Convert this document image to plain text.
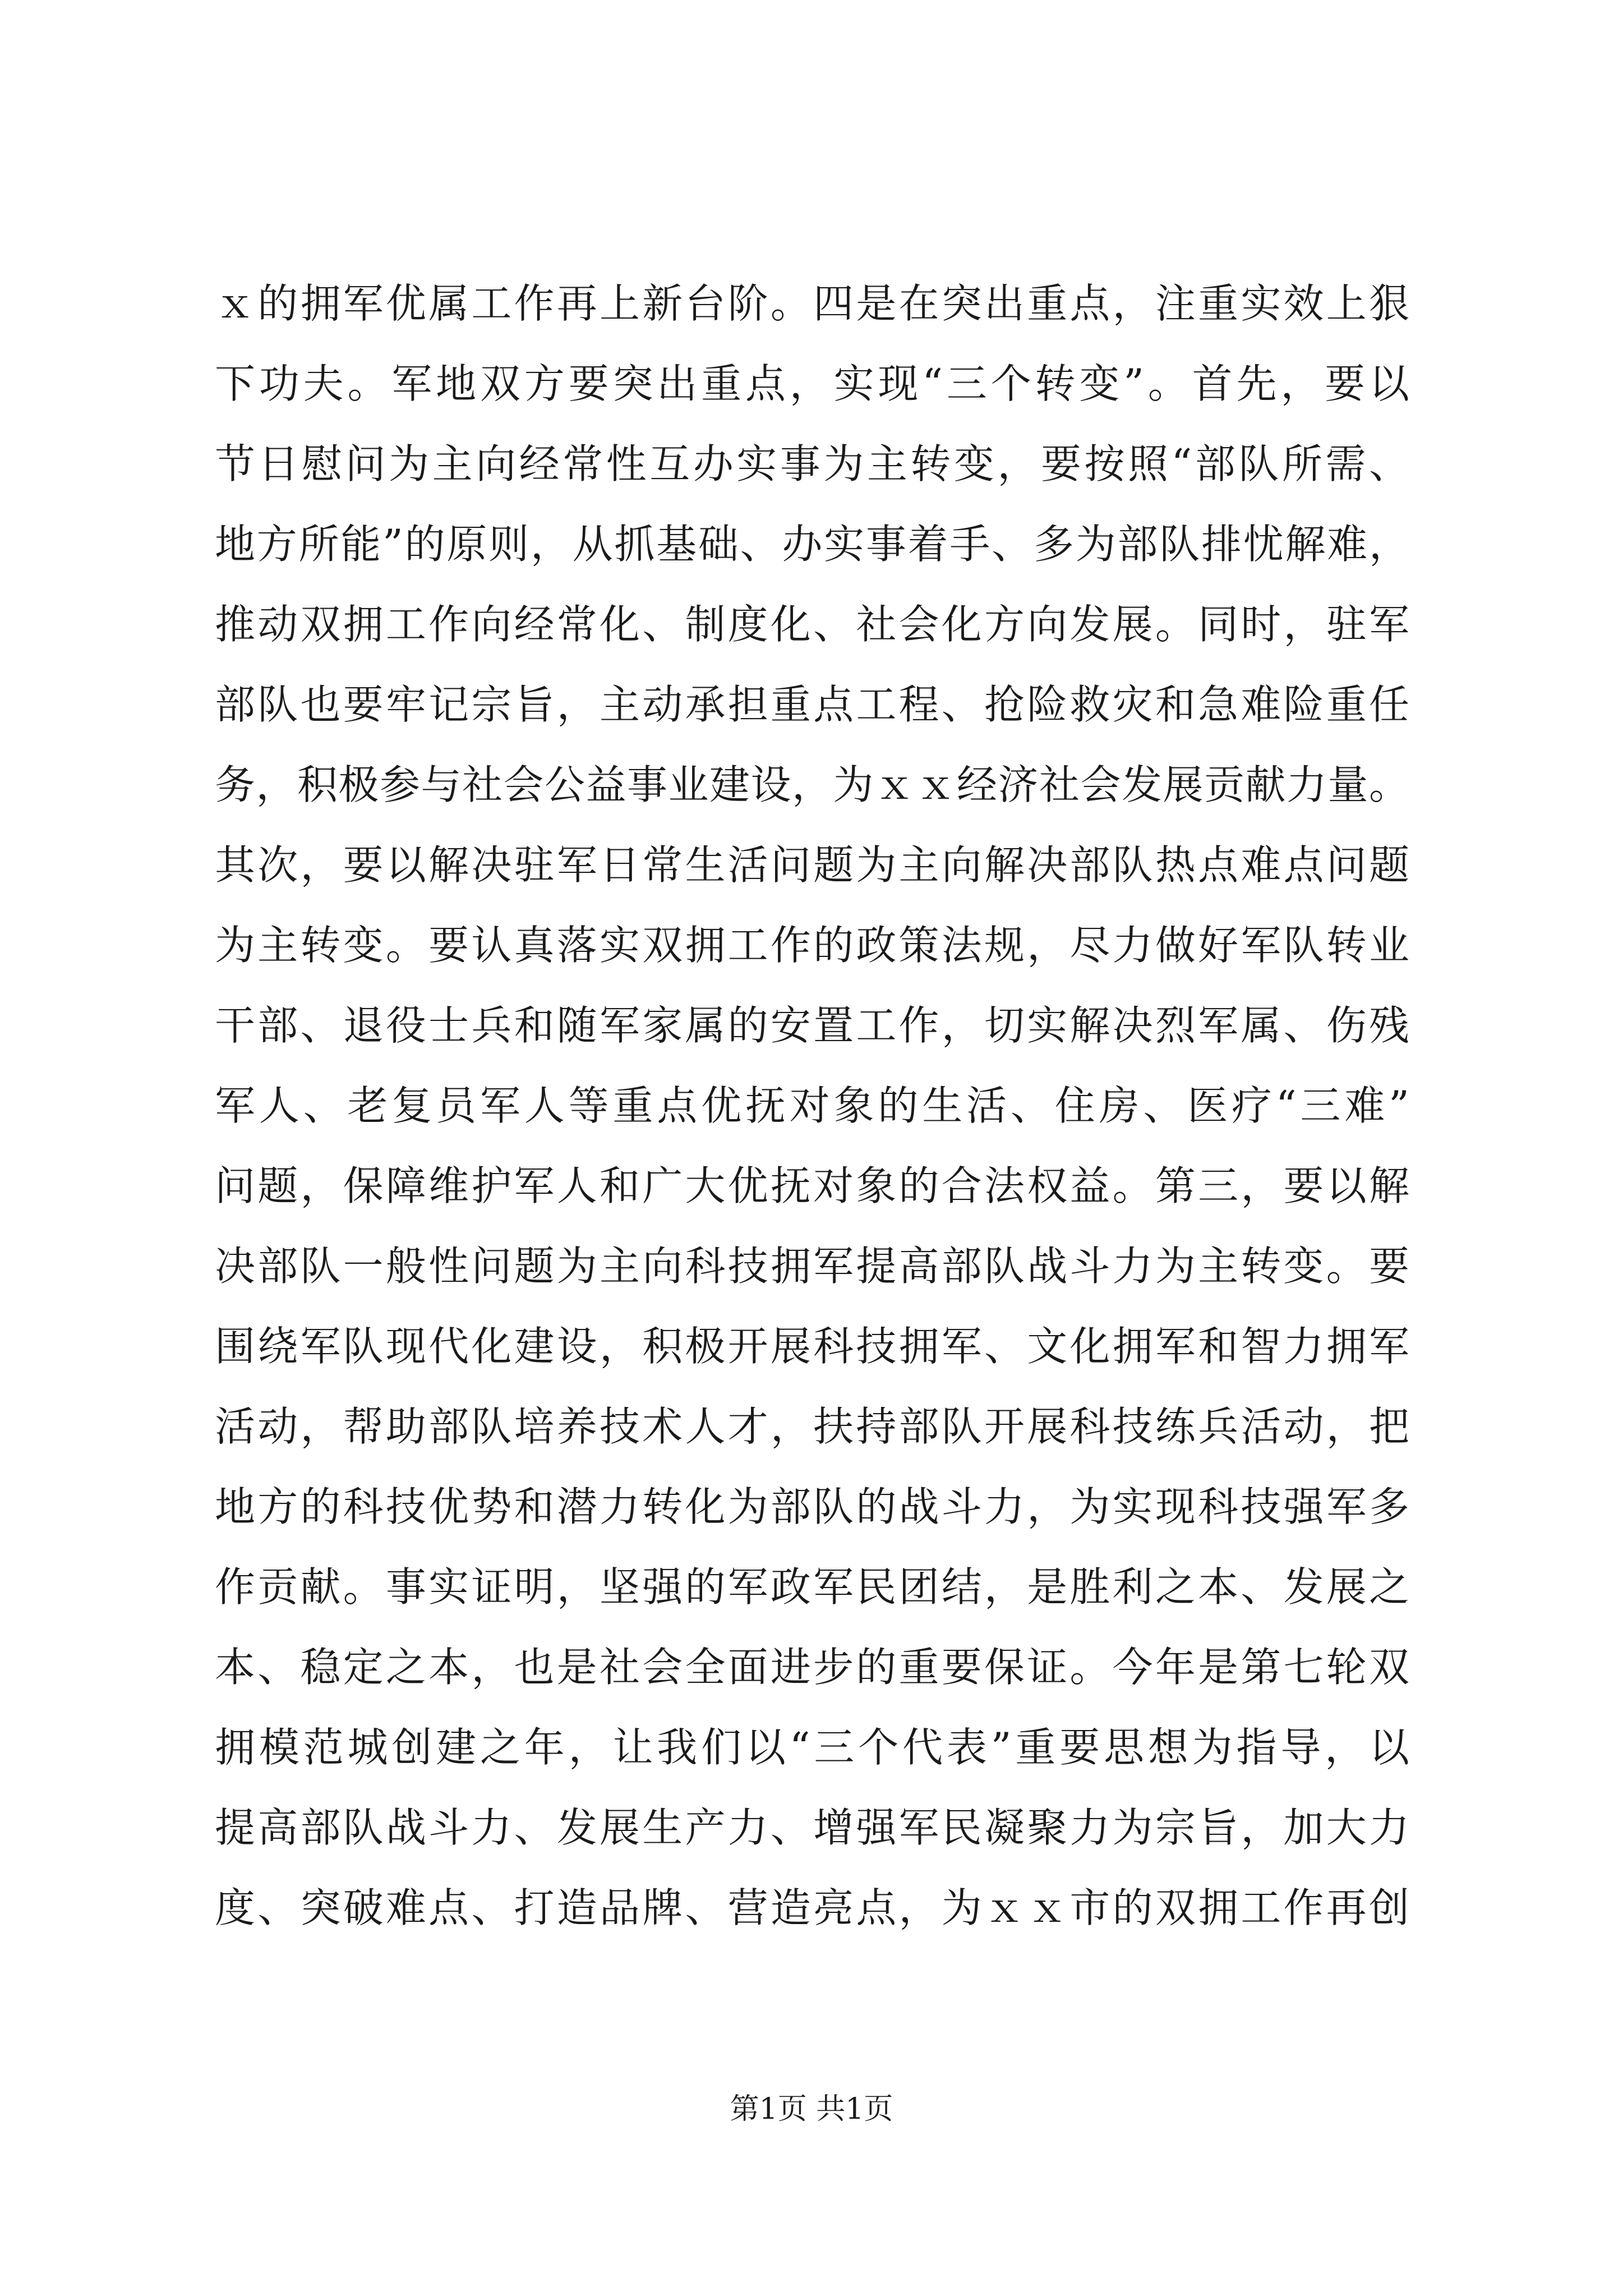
ｘ的拥军优属工作再上新台阶。四是在突出重点，注重实效上狠
下功夫。军地双方要突出重点，实现“三个转变”。首先，要以
节日慰问为主向经常性互办实事为主转变，要按照“部队所需、
地方所能”的原则，从抓基础、办实事着手、多为部队排忧解难，
推动双拥工作向经常化、制度化、社会化方向发展。同时，驻军
部队也要牢记宗旨，主动承担重点工程、抢险救灾和急难险重任
务，积极参与社会公益事业建设，为ｘｘ经济社会发展贡献力量。
其次，要以解决驻军日常生活问题为主向解决部队热点难点问题
为主转变。要认真落实双拥工作的政策法规，尽力做好军队转业
干部、退役士兵和随军家属的安置工作，切实解决烈军属、伤残
军人、老复员军人等重点优抚对象的生活、住房、医疗“三难”
问题，保障维护军人和广大优抚对象的合法权益。第三，要以解
决部队一般性问题为主向科技拥军提高部队战斗力为主转变。要
围绕军队现代化建设，积极开展科技拥军、文化拥军和智力拥军
活动，帮助部队培养技术人才，扶持部队开展科技练兵活动，把
地方的科技优势和潜力转化为部队的战斗力，为实现科技强军多
作贡献。事实证明，坚强的军政军民团结，是胜利之本、发展之
本、稳定之本，也是社会全面进步的重要保证。今年是第七轮双
拥模范城创建之年，让我们以“三个代表”重要思想为指导，以
提高部队战斗力、发展生产力、增强军民凝聚力为宗旨，加大力
度、突破难点、打造品牌、营造亮点，为ｘｘ市的双拥工作再创
第1页 共1页
